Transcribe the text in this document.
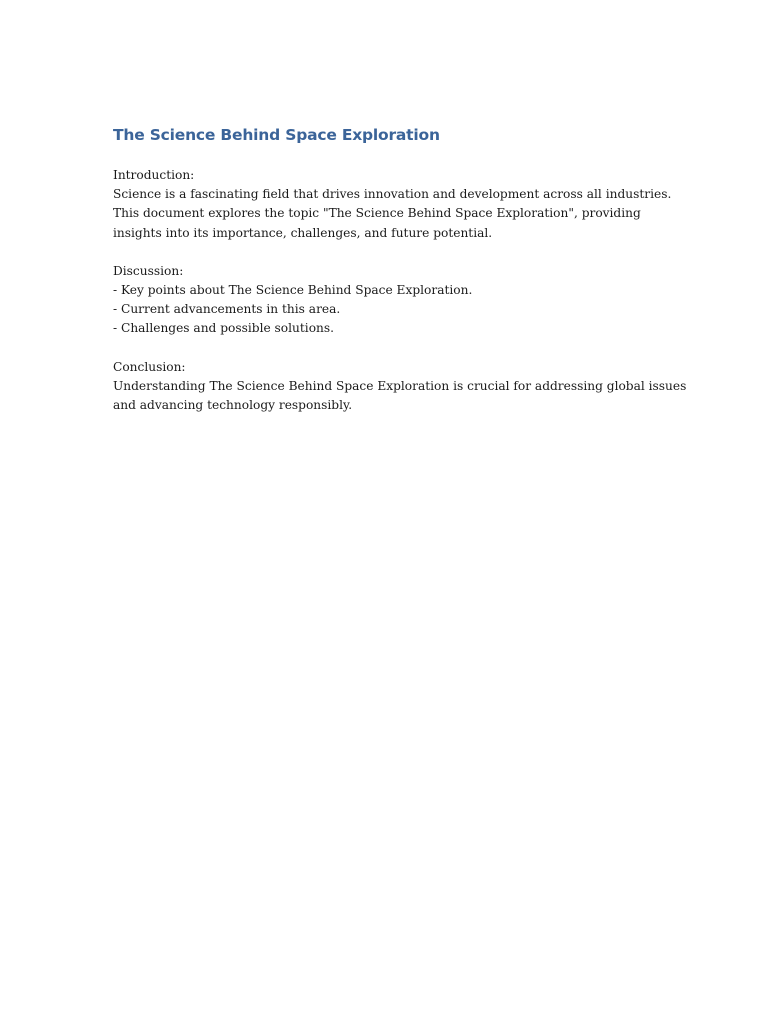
The Science Behind Space Exploration
Introduction:
Science is a fascinating field that drives innovation and development across all industries.
This document explores the topic "The Science Behind Space Exploration", providing
insights into its importance, challenges, and future potential.
Discussion:
- Key points about The Science Behind Space Exploration.
- Current advancements in this area.
- Challenges and possible solutions.
Conclusion:
Understanding The Science Behind Space Exploration is crucial for addressing global issues
and advancing technology responsibly.
